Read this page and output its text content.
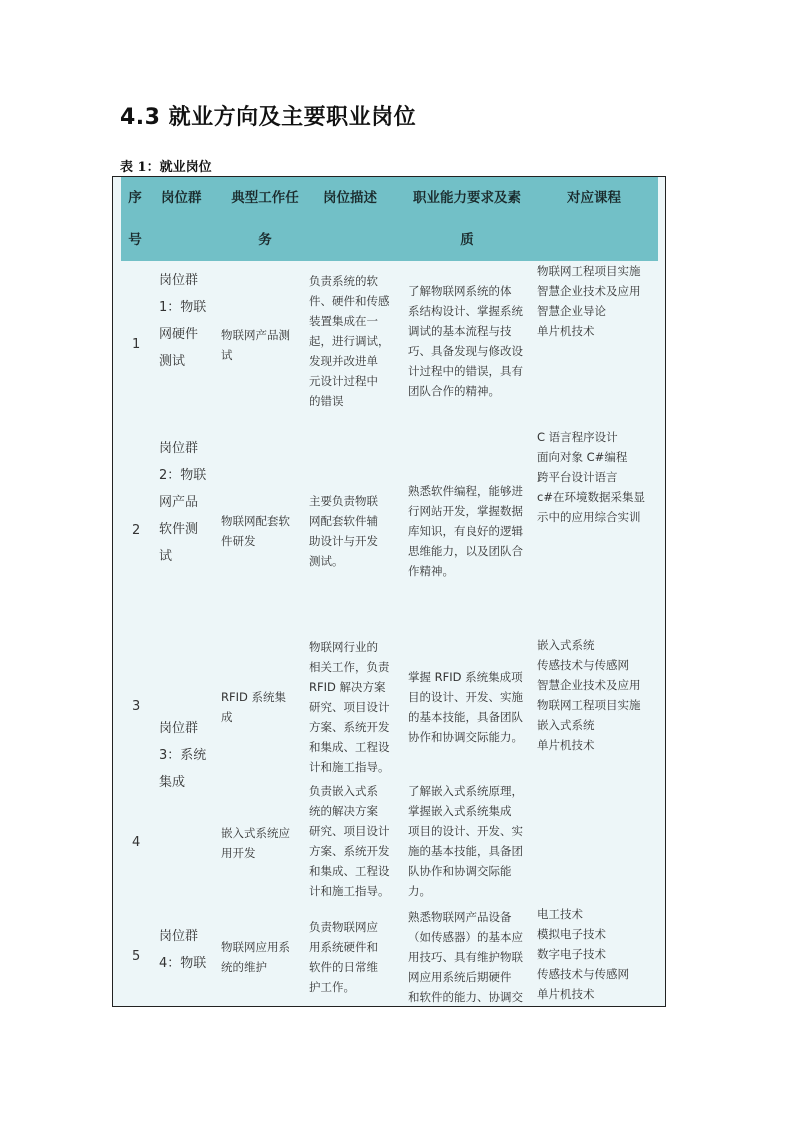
4.3 就业方向及主要职业岗位
表 1：就业岗位
序
号
岗位群	典型工作任
务
岗位描述	职业能力要求及素
质
对应课程
1
2
3
4
5
岗位群
1：物联
网硬件
测试
岗位群
2：物联
网产品
软件测
试
岗位群
3：系统
集成
岗位群
4：物联
物联网产品测
试
物联网配套软
件研发
RFID 系统集
成
嵌入式系统应
用开发
物联网应用系
统的维护
负责系统的软
件、硬件和传感
装置集成在一
起，进行调试，
发现并改进单
元设计过程中
的错误
主要负责物联
网配套软件辅
助设计与开发
测试。
物联网行业的
相关工作，负责
RFID 解决方案
研究、项目设计
方案、系统开发
和集成、工程设
计和施工指导。
负责嵌入式系
统的解决方案
研究、项目设计
方案、系统开发
和集成、工程设
计和施工指导。
负责物联网应
用系统硬件和
软件的日常维
护工作。
了解物联网系统的体
系结构设计、掌握系统
调试的基本流程与技
巧、具备发现与修改设
计过程中的错误，具有
团队合作的精神。
熟悉软件编程，能够进
行网站开发，掌握数据
库知识，有良好的逻辑
思维能力，以及团队合
作精神。
掌握 RFID 系统集成项
目的设计、开发、实施
的基本技能，具备团队
协作和协调交际能力。
了解嵌入式系统原理，
掌握嵌入式系统集成
项目的设计、开发、实
施的基本技能，具备团
队协作和协调交际能
力。
熟悉物联网产品设备
（如传感器）的基本应
用技巧、具有维护物联
网应用系统后期硬件
和软件的能力、协调交
物联网工程项目实施
智慧企业技术及应用
智慧企业导论
单片机技术
C 语言程序设计
面向对象 C#编程
跨平台设计语言
c#在环境数据采集显
示中的应用综合实训
嵌入式系统
传感技术与传感网
智慧企业技术及应用
物联网工程项目实施
嵌入式系统
单片机技术
电工技术
模拟电子技术
数字电子技术
传感技术与传感网
单片机技术
